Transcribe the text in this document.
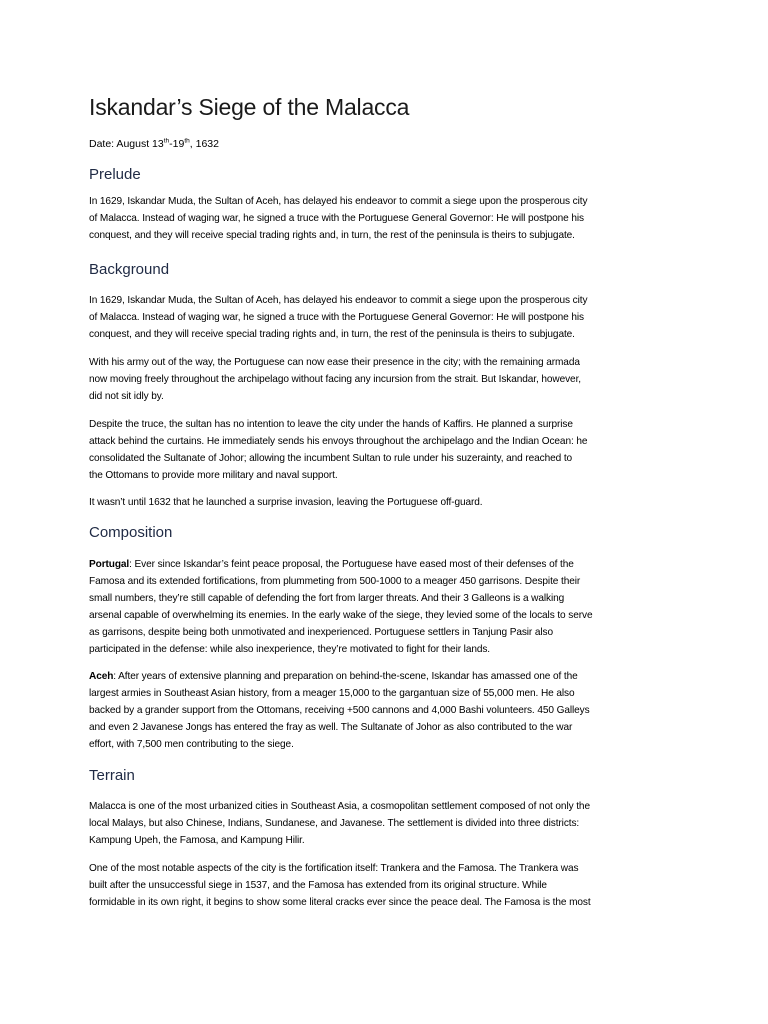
Iskandar’s Siege of the Malacca

Date: August 13th-19th, 1632

Prelude

In 1629, Iskandar Muda, the Sultan of Aceh, has delayed his endeavor to commit a siege upon the prosperous city
of Malacca. Instead of waging war, he signed a truce with the Portuguese General Governor: He will postpone his
conquest, and they will receive special trading rights and, in turn, the rest of the peninsula is theirs to subjugate.

Background

In 1629, Iskandar Muda, the Sultan of Aceh, has delayed his endeavor to commit a siege upon the prosperous city
of Malacca. Instead of waging war, he signed a truce with the Portuguese General Governor: He will postpone his
conquest, and they will receive special trading rights and, in turn, the rest of the peninsula is theirs to subjugate.

With his army out of the way, the Portuguese can now ease their presence in the city; with the remaining armada
now moving freely throughout the archipelago without facing any incursion from the strait. But Iskandar, however,
did not sit idly by.

Despite the truce, the sultan has no intention to leave the city under the hands of Kaffirs. He planned a surprise
attack behind the curtains. He immediately sends his envoys throughout the archipelago and the Indian Ocean: he
consolidated the Sultanate of Johor; allowing the incumbent Sultan to rule under his suzerainty, and reached to
the Ottomans to provide more military and naval support.

It wasn’t until 1632 that he launched a surprise invasion, leaving the Portuguese off-guard.

Composition

Portugal: Ever since Iskandar’s feint peace proposal, the Portuguese have eased most of their defenses of the
Famosa and its extended fortifications, from plummeting from 500-1000 to a meager 450 garrisons. Despite their
small numbers, they’re still capable of defending the fort from larger threats. And their 3 Galleons is a walking
arsenal capable of overwhelming its enemies. In the early wake of the siege, they levied some of the locals to serve
as garrisons, despite being both unmotivated and inexperienced. Portuguese settlers in Tanjung Pasir also
participated in the defense: while also inexperience, they’re motivated to fight for their lands.

Aceh: After years of extensive planning and preparation on behind-the-scene, Iskandar has amassed one of the
largest armies in Southeast Asian history, from a meager 15,000 to the gargantuan size of 55,000 men. He also
backed by a grander support from the Ottomans, receiving +500 cannons and 4,000 Bashi volunteers. 450 Galleys
and even 2 Javanese Jongs has entered the fray as well. The Sultanate of Johor as also contributed to the war
effort, with 7,500 men contributing to the siege.

Terrain

Malacca is one of the most urbanized cities in Southeast Asia, a cosmopolitan settlement composed of not only the
local Malays, but also Chinese, Indians, Sundanese, and Javanese. The settlement is divided into three districts:
Kampung Upeh, the Famosa, and Kampung Hilir.

One of the most notable aspects of the city is the fortification itself: Trankera and the Famosa. The Trankera was
built after the unsuccessful siege in 1537, and the Famosa has extended from its original structure. While
formidable in its own right, it begins to show some literal cracks ever since the peace deal. The Famosa is the most
